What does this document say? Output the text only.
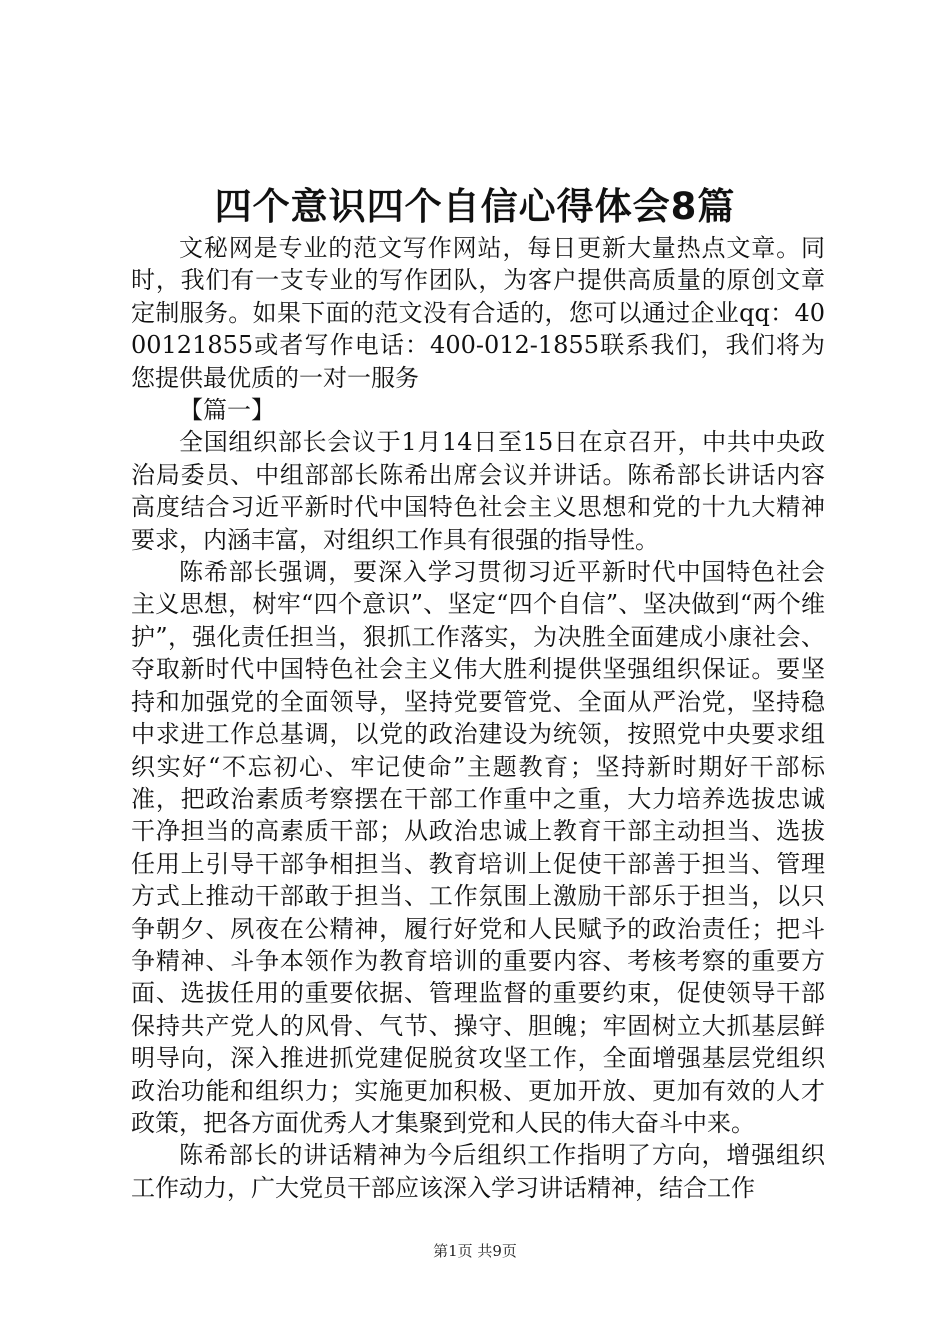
四个意识四个自信心得体会8篇

文秘网是专业的范文写作网站，每日更新大量热点文章。同时，我们有一支专业的写作团队，为客户提供高质量的原创文章定制服务。如果下面的范文没有合适的，您可以通过企业qq：4000121855或者写作电话：400-012-1855联系我们，我们将为您提供最优质的一对一服务

【篇一】

全国组织部长会议于1月14日至15日在京召开，中共中央政治局委员、中组部部长陈希出席会议并讲话。陈希部长讲话内容高度结合习近平新时代中国特色社会主义思想和党的十九大精神要求，内涵丰富，对组织工作具有很强的指导性。

陈希部长强调，要深入学习贯彻习近平新时代中国特色社会主义思想，树牢“四个意识”、坚定“四个自信”、坚决做到“两个维护”，强化责任担当，狠抓工作落实，为决胜全面建成小康社会、夺取新时代中国特色社会主义伟大胜利提供坚强组织保证。要坚持和加强党的全面领导，坚持党要管党、全面从严治党，坚持稳中求进工作总基调，以党的政治建设为统领，按照党中央要求组织实好“不忘初心、牢记使命”主题教育；坚持新时期好干部标准，把政治素质考察摆在干部工作重中之重，大力培养选拔忠诚干净担当的高素质干部；从政治忠诚上教育干部主动担当、选拔任用上引导干部争相担当、教育培训上促使干部善于担当、管理方式上推动干部敢于担当、工作氛围上激励干部乐于担当，以只争朝夕、夙夜在公精神，履行好党和人民赋予的政治责任；把斗争精神、斗争本领作为教育培训的重要内容、考核考察的重要方面、选拔任用的重要依据、管理监督的重要约束，促使领导干部保持共产党人的风骨、气节、操守、胆魄；牢固树立大抓基层鲜明导向，深入推进抓党建促脱贫攻坚工作，全面增强基层党组织政治功能和组织力；实施更加积极、更加开放、更加有效的人才政策，把各方面优秀人才集聚到党和人民的伟大奋斗中来。

陈希部长的讲话精神为今后组织工作指明了方向，增强组织工作动力，广大党员干部应该深入学习讲话精神，结合工作

第1页 共9页
